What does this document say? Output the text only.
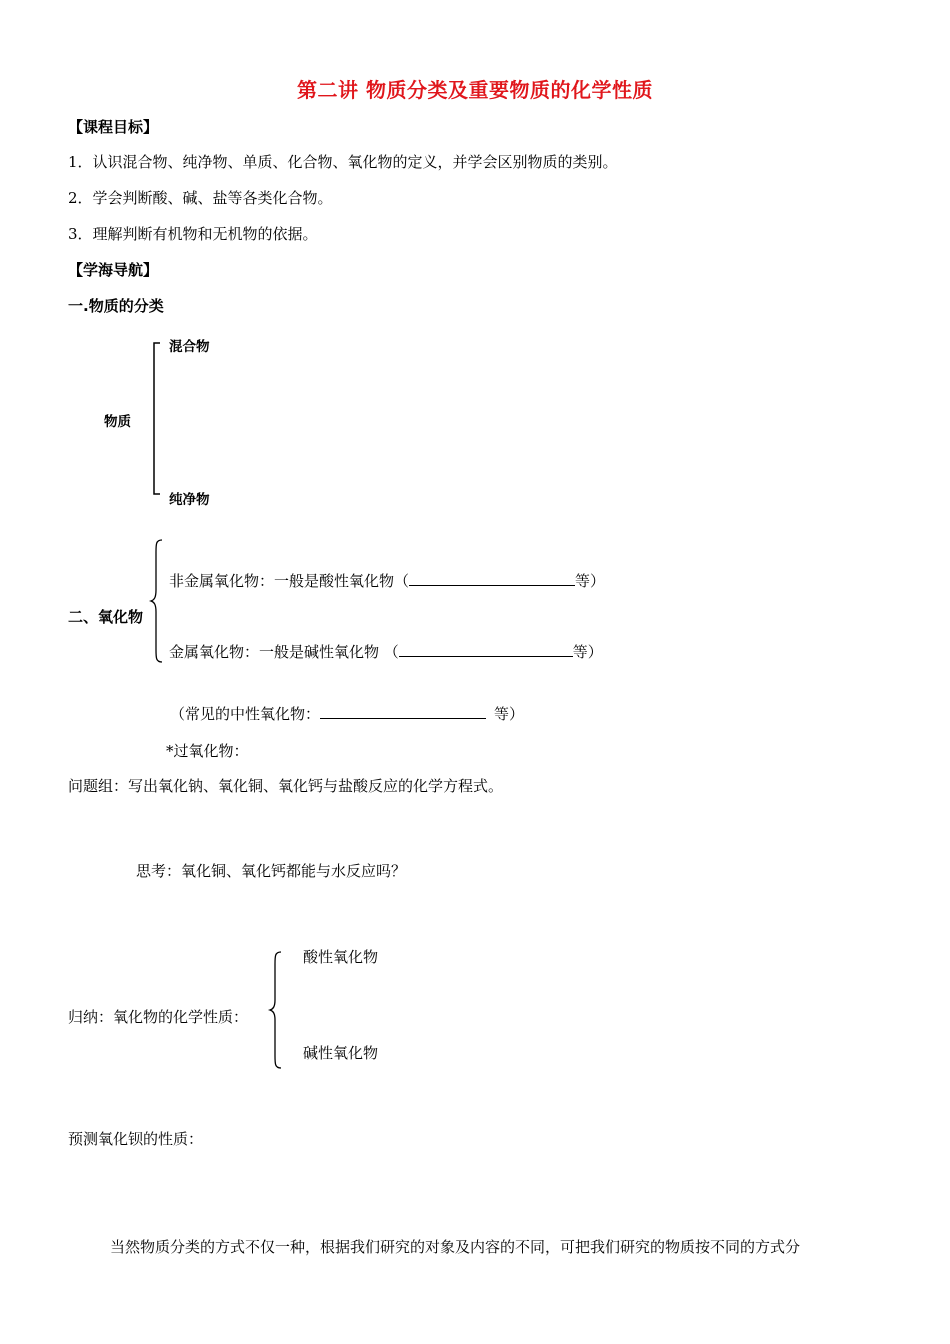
第二讲 物质分类及重要物质的化学性质
【课程目标】
1．认识混合物、纯净物、单质、化合物、氧化物的定义，并学会区别物质的类别。
2．学会判断酸、碱、盐等各类化合物。
3．理解判断有机物和无机物的依据。
【学海导航】
一.物质的分类
物质
混合物
纯净物
二、氧化物
非金属氧化物：一般是酸性氧化物（	等）
金属氧化物：一般是碱性氧化物 （	等）
（常见的中性氧化物：	等）
*过氧化物：
问题组：写出氧化钠、氧化铜、氧化钙与盐酸反应的化学方程式。
思考：氧化铜、氧化钙都能与水反应吗？
归纳：氧化物的化学性质：
酸性氧化物
碱性氧化物
预测氧化钡的性质：
当然物质分类的方式不仅一种，根据我们研究的对象及内容的不同，可把我们研究的物质按不同的方式分
